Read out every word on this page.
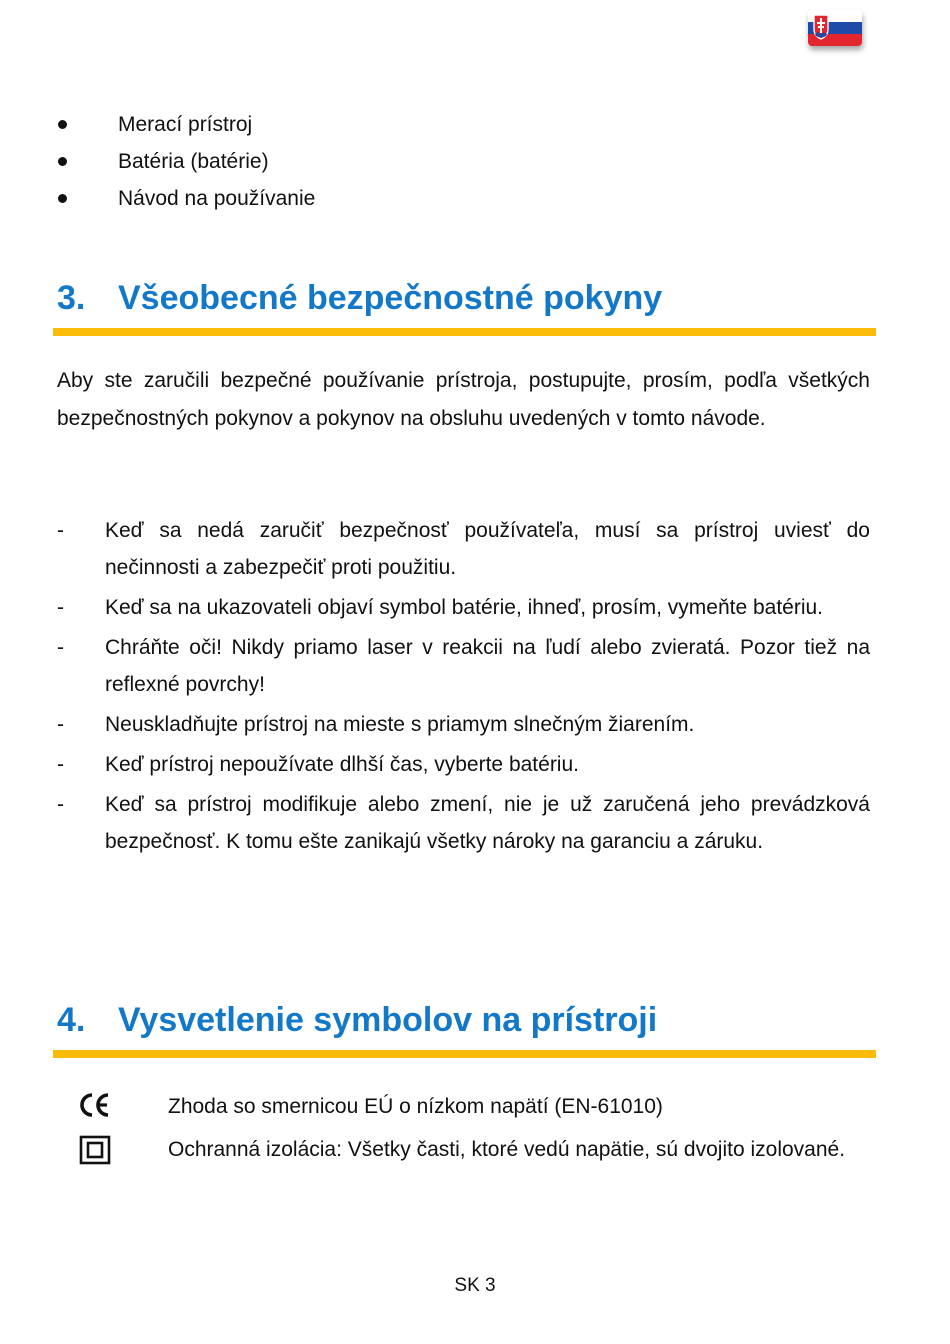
Merací prístroj
Batéria (batérie)
Návod na používanie
3. Všeobecné bezpečnostné pokyny

Aby ste zaručili bezpečné používanie prístroja, postupujte, prosím, podľa všetkých bezpečnostných pokynov a pokynov na obsluhu uvedených v tomto návode.

- Keď sa nedá zaručiť bezpečnosť používateľa, musí sa prístroj uviesť do nečinnosti a zabezpečiť proti použitiu.
- Keď sa na ukazovateli objaví symbol batérie, ihneď, prosím, vymeňte batériu.
- Chráňte oči! Nikdy priamo laser v reakcii na ľudí alebo zvieratá. Pozor tiež na reflexné povrchy!
- Neuskladňujte prístroj na mieste s priamym slnečným žiarením.
- Keď prístroj nepoužívate dlhší čas, vyberte batériu.
- Keď sa prístroj modifikuje alebo zmení, nie je už zaručená jeho prevádzková bezpečnosť. K tomu ešte zanikajú všetky nároky na garanciu a záruku.
4. Vysvetlenie symbolov na prístroji
Zhoda so smernicou EÚ o nízkom napätí (EN-61010)
Ochranná izolácia: Všetky časti, ktoré vedú napätie, sú dvojito izolované.
SK 3
